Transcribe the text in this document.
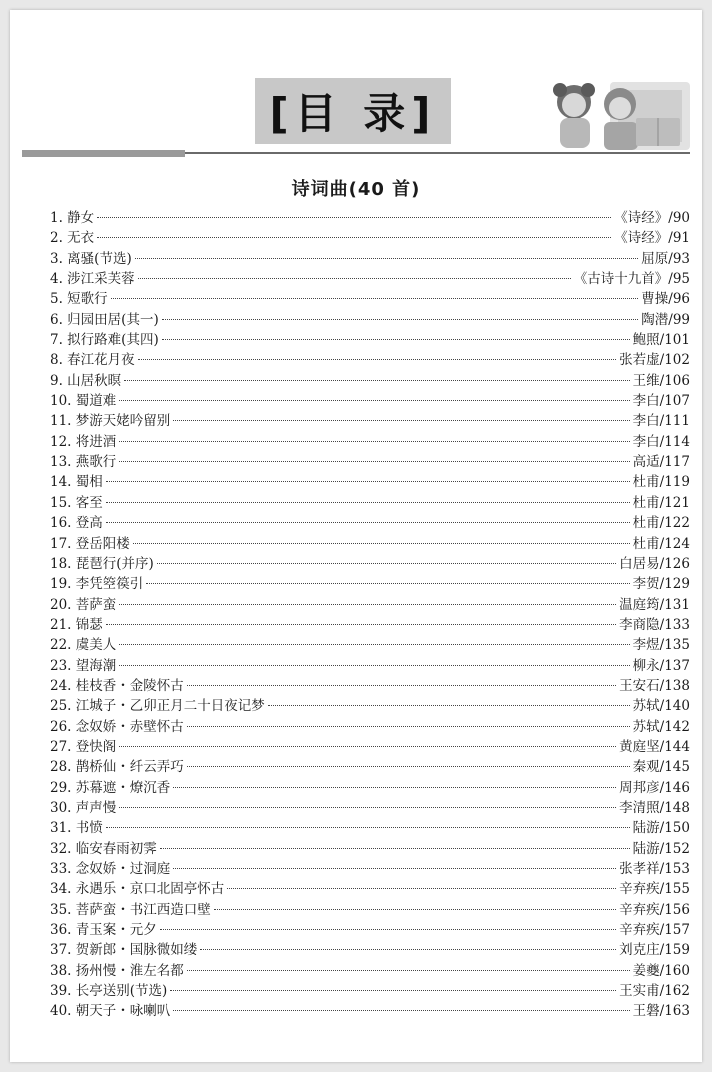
[目 录]
诗词曲(40 首)
1. 静女	《诗经》/90
2. 无衣	《诗经》/91
3. 离骚(节选)	屈原/93
4. 涉江采芙蓉	《古诗十九首》/95
5. 短歌行	曹操/96
6. 归园田居(其一)	陶潜/99
7. 拟行路难(其四)	鲍照/101
8. 春江花月夜	张若虚/102
9. 山居秋暝	王维/106
10. 蜀道难	李白/107
11. 梦游天姥吟留别	李白/111
12. 将进酒	李白/114
13. 燕歌行	高适/117
14. 蜀相	杜甫/119
15. 客至	杜甫/121
16. 登高	杜甫/122
17. 登岳阳楼	杜甫/124
18. 琵琶行(并序)	白居易/126
19. 李凭箜篌引	李贺/129
20. 菩萨蛮	温庭筠/131
21. 锦瑟	李商隐/133
22. 虞美人	李煜/135
23. 望海潮	柳永/137
24. 桂枝香・金陵怀古	王安石/138
25. 江城子・乙卯正月二十日夜记梦	苏轼/140
26. 念奴娇・赤壁怀古	苏轼/142
27. 登快阁	黄庭坚/144
28. 鹊桥仙・纤云弄巧	秦观/145
29. 苏幕遮・燎沉香	周邦彦/146
30. 声声慢	李清照/148
31. 书愤	陆游/150
32. 临安春雨初霁	陆游/152
33. 念奴娇・过洞庭	张孝祥/153
34. 永遇乐・京口北固亭怀古	辛弃疾/155
35. 菩萨蛮・书江西造口壁	辛弃疾/156
36. 青玉案・元夕	辛弃疾/157
37. 贺新郎・国脉微如缕	刘克庄/159
38. 扬州慢・淮左名都	姜夔/160
39. 长亭送别(节选)	王实甫/162
40. 朝天子・咏喇叭	王磐/163
